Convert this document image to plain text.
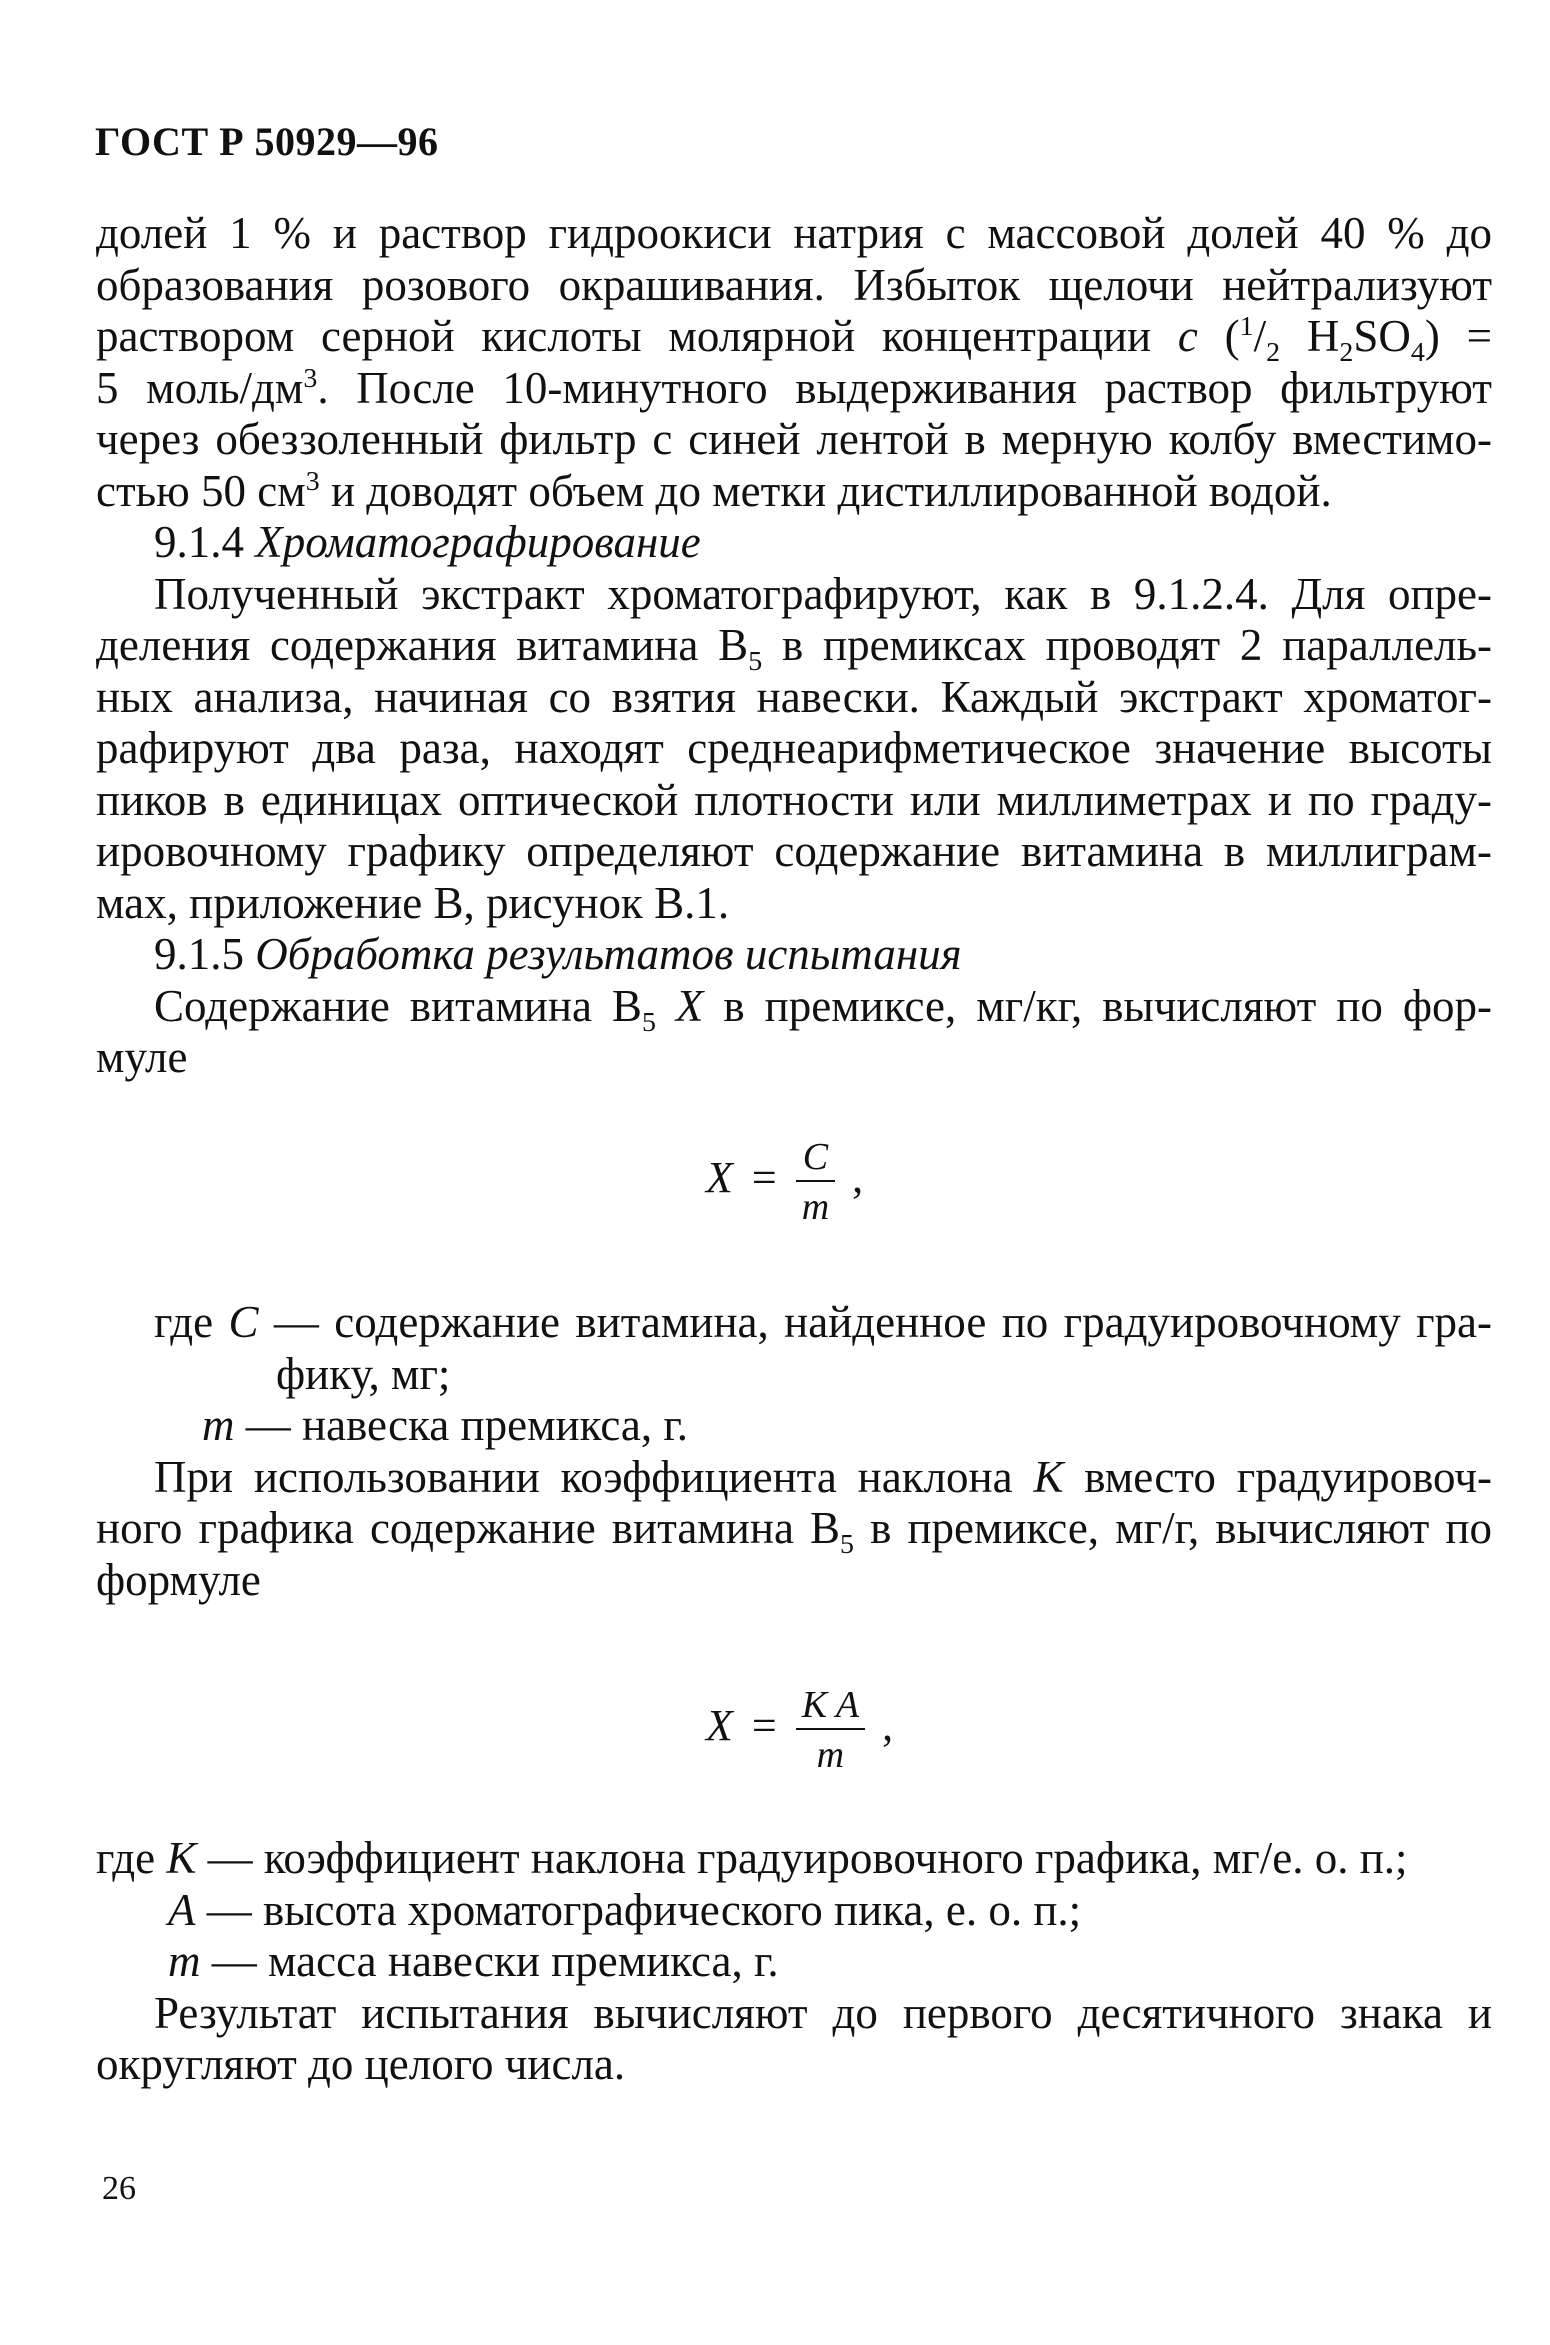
ГОСТ Р 50929—96
долей 1 % и раствор гидроокиси натрия с массовой долей 40 % до
образования розового окрашивания. Избыток щелочи нейтрализуют
раствором серной кислоты молярной концентрации c ($^1/_2$ $H_2SO_4$) =
5 моль/$дм^3$. После 10-минутного выдерживания раствор фильтруют
через обеззоленный фильтр с синей лентой в мерную колбу вместимо-
стью 50 $см^3$ и доводят объем до метки дистиллированной водой.
9.1.4 Хроматографирование
Полученный экстракт хроматографируют, как в 9.1.2.4. Для опре-
деления содержания витамина $B_5$ в премиксах проводят 2 параллель-
ных анализа, начиная со взятия навески. Каждый экстракт хроматог-
рафируют два раза, находят среднеарифметическое значение высоты
пиков в единицах оптической плотности или миллиметрах и по граду-
ировочному графику определяют содержание витамина в миллиграм-
мах, приложение В, рисунок В.1.
9.1.5 Обработка результатов испытания
Содержание витамина $B_5$ X в премиксе, мг/кг, вычисляют по фор-
муле
$X = \frac{C}{m}$ ,
где C — содержание витамина, найденное по градуировочному гра-
фику, мг;
m — навеска премикса, г.
При использовании коэффициента наклона K вместо градуировоч-
ного графика содержание витамина $B_5$ в премиксе, мг/г, вычисляют по
формуле
$X = \frac{\text{K A}}{m}$ ,
где K — коэффициент наклона градуировочного графика, мг/е. о. п.;
A — высота хроматографического пика, е. о. п.;
m — масса навески премикса, г.
Результат испытания вычисляют до первого десятичного знака и
округляют до целого числа.
26
